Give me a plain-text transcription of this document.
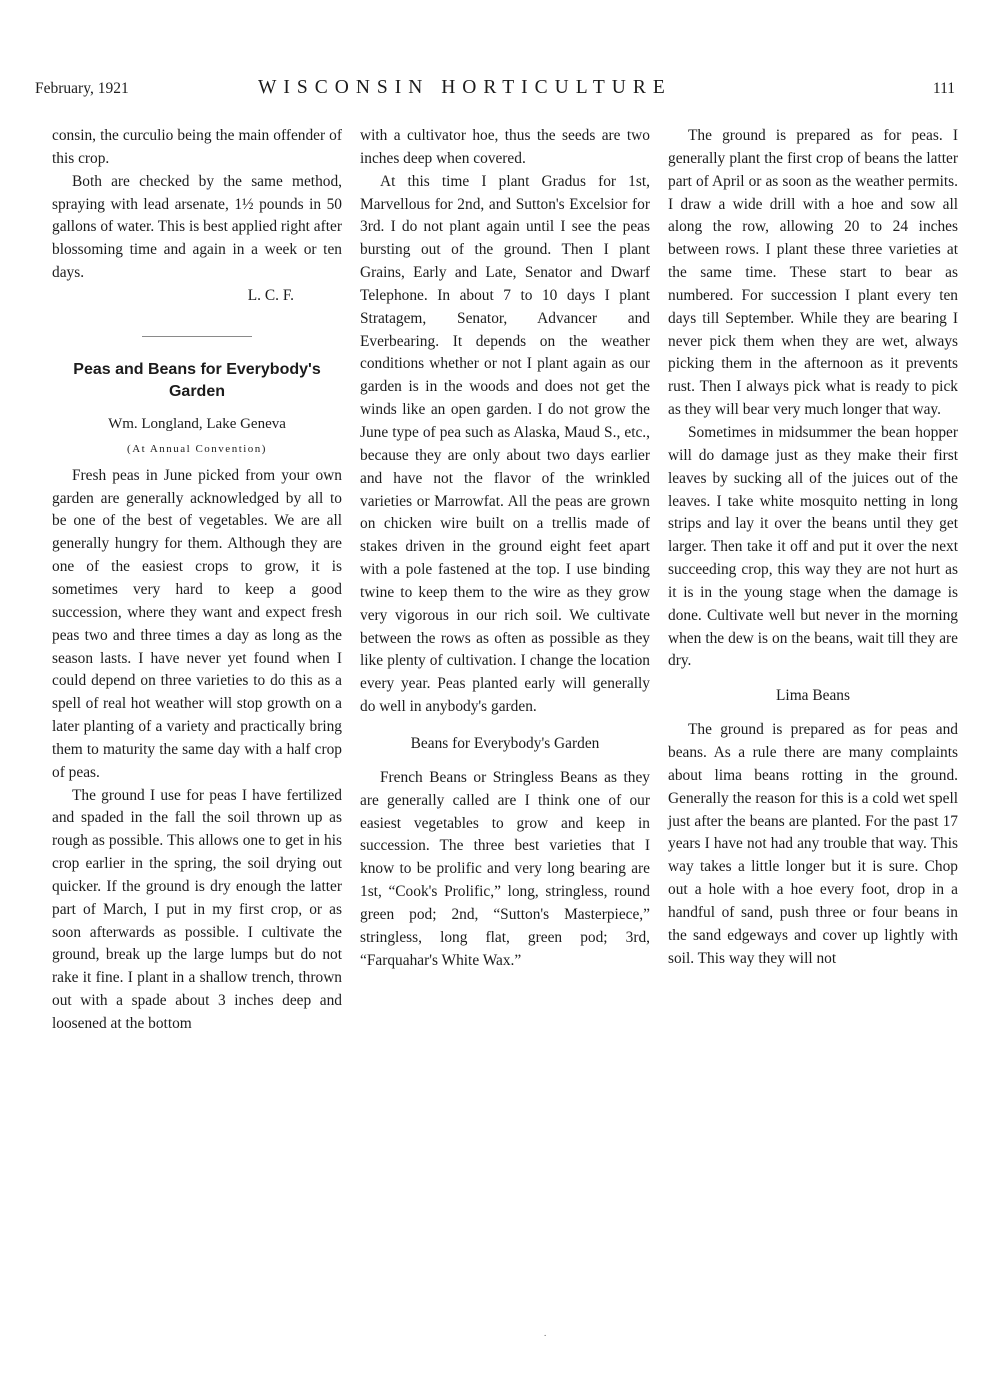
February, 1921	WISCONSIN HORTICULTURE	111

consin, the curculio being the main offender of this crop.

Both are checked by the same method, spraying with lead arsenate, 1½ pounds in 50 gallons of water. This is best applied right after blossoming time and again in a week or ten days.

L. C. F.

Peas and Beans for Everybody's Garden
Wm. Longland, Lake Geneva
(At Annual Convention)

Fresh peas in June picked from your own garden are generally acknowledged by all to be one of the best of vegetables. We are all generally hungry for them. Although they are one of the easiest crops to grow, it is sometimes very hard to keep a good succession, where they want and expect fresh peas two and three times a day as long as the season lasts. I have never yet found when I could depend on three varieties to do this as a spell of real hot weather will stop growth on a later planting of a variety and practically bring them to maturity the same day with a half crop of peas.

The ground I use for peas I have fertilized and spaded in the fall the soil thrown up as rough as possible. This allows one to get in his crop earlier in the spring, the soil drying out quicker. If the ground is dry enough the latter part of March, I put in my first crop, or as soon afterwards as possible. I cultivate the ground, break up the large lumps but do not rake it fine. I plant in a shallow trench, thrown out with a spade about 3 inches deep and loosened at the bottom

with a cultivator hoe, thus the seeds are two inches deep when covered.

At this time I plant Gradus for 1st, Marvellous for 2nd, and Sutton's Excelsior for 3rd. I do not plant again until I see the peas bursting out of the ground. Then I plant Grains, Early and Late, Senator and Dwarf Telephone. In about 7 to 10 days I plant Stratagem, Senator, Advancer and Everbearing. It depends on the weather conditions whether or not I plant again as our garden is in the woods and does not get the winds like an open garden. I do not grow the June type of pea such as Alaska, Maud S., etc., because they are only about two days earlier and have not the flavor of the wrinkled varieties or Marrowfat. All the peas are grown on chicken wire built on a trellis made of stakes driven in the ground eight feet apart with a pole fastened at the top. I use binding twine to keep them to the wire as they grow very vigorous in our rich soil. We cultivate between the rows as often as possible as they like plenty of cultivation. I change the location every year. Peas planted early will generally do well in anybody's garden.

Beans for Everybody's Garden

French Beans or Stringless Beans as they are generally called are I think one of our easiest vegetables to grow and keep in succession. The three best varieties that I know to be prolific and very long bearing are 1st, “Cook's Prolific,” long, stringless, round green pod; 2nd, “Sutton's Masterpiece,” stringless, long flat, green pod; 3rd, “Farquahar's White Wax.”

The ground is prepared as for peas. I generally plant the first crop of beans the latter part of April or as soon as the weather permits. I draw a wide drill with a hoe and sow all along the row, allowing 20 to 24 inches between rows. I plant these three varieties at the same time. These start to bear as numbered. For succession I plant every ten days till September. While they are bearing I never pick them when they are wet, always picking them in the afternoon as it prevents rust. Then I always pick what is ready to pick as they will bear very much longer that way.

Sometimes in midsummer the bean hopper will do damage just as they make their first leaves by sucking all of the juices out of the leaves. I take white mosquito netting in long strips and lay it over the beans until they get larger. Then take it off and put it over the next succeeding crop, this way they are not hurt as it is in the young stage when the damage is done. Cultivate well but never in the morning when the dew is on the beans, wait till they are dry.

Lima Beans

The ground is prepared as for peas and beans. As a rule there are many complaints about lima beans rotting in the ground. Generally the reason for this is a cold wet spell just after the beans are planted. For the past 17 years I have not had any trouble that way. This way takes a little longer but it is sure. Chop out a hole with a hoe every foot, drop in a handful of sand, push three or four beans in the sand edgeways and cover up lightly with soil. This way they will not

.
